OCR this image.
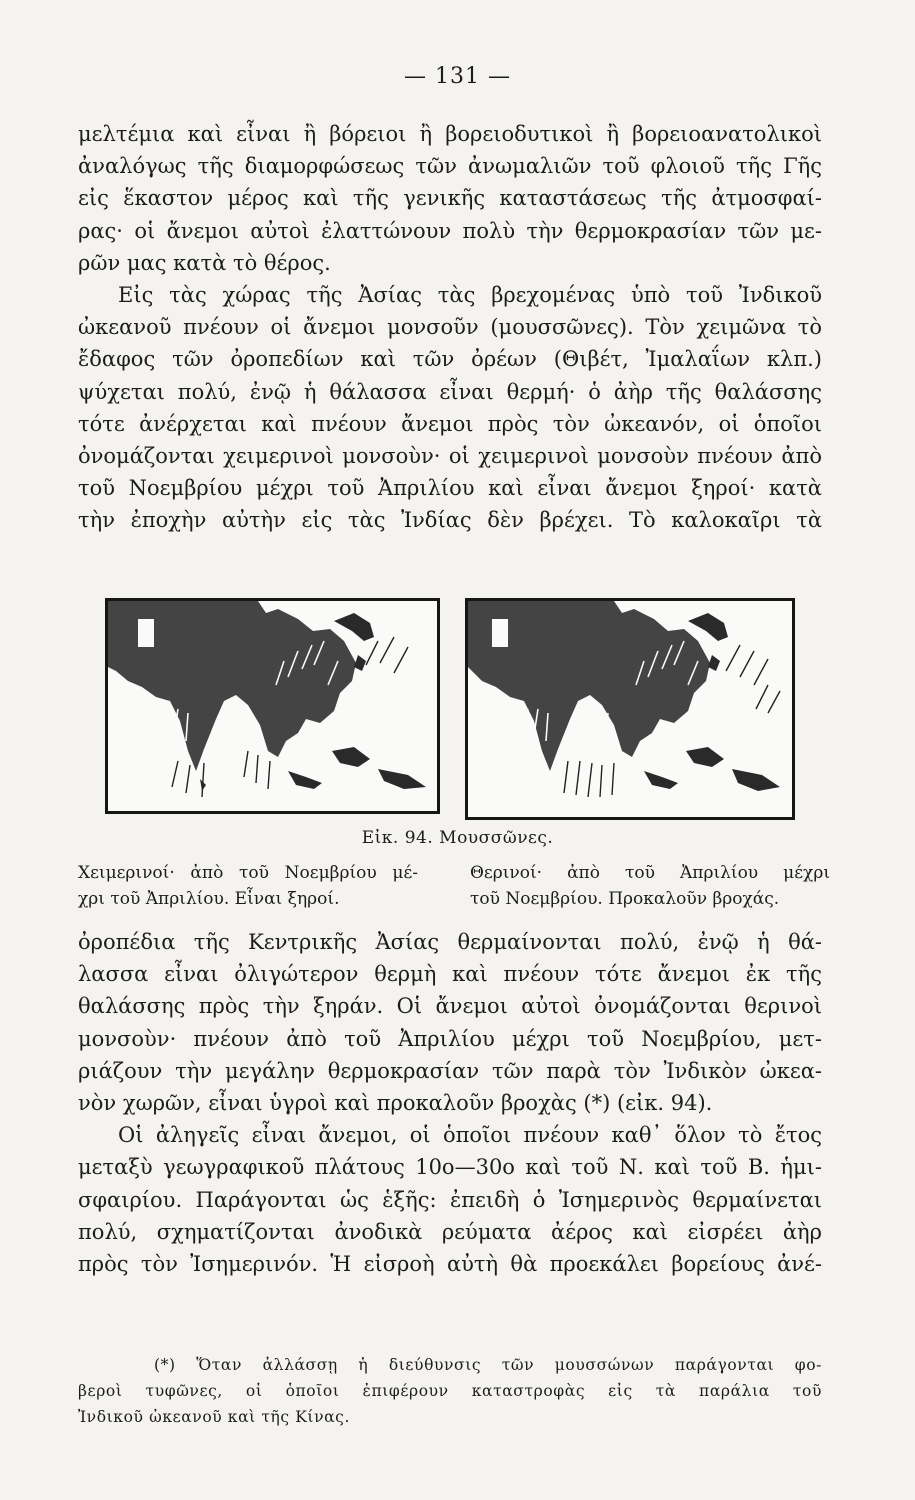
— 131 —
μελτέμια καὶ εἶναι ἢ βόρειοι ἢ βορειοδυτικοὶ ἢ βορειοανατολικοὶ
ἀναλόγως τῆς διαμορφώσεως τῶν ἀνωμαλιῶν τοῦ φλοιοῦ τῆς Γῆς
εἰς ἕκαστον μέρος καὶ τῆς γενικῆς καταστάσεως τῆς ἀτμοσφαί-
ρας· οἱ ἄνεμοι αὐτοὶ ἐλαττώνουν πολὺ τὴν θερμοκρασίαν τῶν με-
ρῶν μας κατὰ τὸ θέρος.
Εἰς τὰς χώρας τῆς Ἀσίας τὰς βρεχομένας ὑπὸ τοῦ Ἰνδικοῦ
ὠκεανοῦ πνέουν οἱ ἄνεμοι μονσοῦν (μουσσῶνες). Τὸν χειμῶνα τὸ
ἔδαφος τῶν ὀροπεδίων καὶ τῶν ὀρέων (Θιβέτ, Ἰμαλαΐων κλπ.)
ψύχεται πολύ, ἐνῷ ἡ θάλασσα εἶναι θερμή· ὁ ἀὴρ τῆς θαλάσσης
τότε ἀνέρχεται καὶ πνέουν ἄνεμοι πρὸς τὸν ὠκεανόν, οἱ ὁποῖοι
ὀνομάζονται χειμερινοὶ μονσοὺν· οἱ χειμερινοὶ μονσοὺν πνέουν ἀπὸ
τοῦ Νοεμβρίου μέχρι τοῦ Ἀπριλίου καὶ εἶναι ἄνεμοι ξηροί· κατὰ
τὴν ἐποχὴν αὐτὴν εἰς τὰς Ἰνδίας δὲν βρέχει. Τὸ καλοκαῖρι τὰ
Εἰκ. 94. Μουσσῶνες.
Χειμερινοί· ἀπὸ τοῦ Νοεμβρίου μέ-
χρι τοῦ Ἀπριλίου. Εἶναι ξηροί.
Θερινοί· ἀπὸ τοῦ Ἀπριλίου μέχρι
τοῦ Νοεμβρίου. Προκαλοῦν βροχάς.
ὀροπέδια τῆς Κεντρικῆς Ἀσίας θερμαίνονται πολύ, ἐνῷ ἡ θά-
λασσα εἶναι ὀλιγώτερον θερμὴ καὶ πνέουν τότε ἄνεμοι ἐκ τῆς
θαλάσσης πρὸς τὴν ξηράν. Οἱ ἄνεμοι αὐτοὶ ὀνομάζονται θερινοὶ
μονσοὺν· πνέουν ἀπὸ τοῦ Ἀπριλίου μέχρι τοῦ Νοεμβρίου, μετ-
ριάζουν τὴν μεγάλην θερμοκρασίαν τῶν παρὰ τὸν Ἰνδικὸν ὠκεα-
νὸν χωρῶν, εἶναι ὑγροὶ καὶ προκαλοῦν βροχὰς (*) (εἰκ. 94).
Οἱ ἀληγεῖς εἶναι ἄνεμοι, οἱ ὁποῖοι πνέουν καθ᾽ ὅλον τὸ ἔτος
μεταξὺ γεωγραφικοῦ πλάτους 10ο—30ο καὶ τοῦ Ν. καὶ τοῦ Β. ἡμι-
σφαιρίου. Παράγονται ὡς ἑξῆς: ἐπειδὴ ὁ Ἰσημερινὸς θερμαίνεται
πολύ, σχηματίζονται ἀνοδικὰ ρεύματα ἀέρος καὶ εἰσρέει ἀὴρ
πρὸς τὸν Ἰσημερινόν. Ἡ εἰσροὴ αὐτὴ θὰ προεκάλει βορείους ἀνέ-
(*) Ὅταν ἀλλάσσῃ ἡ διεύθυνσις τῶν μουσσώνων παράγονται φο-
βεροὶ τυφῶνες, οἱ ὁποῖοι ἐπιφέρουν καταστροφὰς εἰς τὰ παράλια τοῦ
Ἰνδικοῦ ὠκεανοῦ καὶ τῆς Κίνας.
